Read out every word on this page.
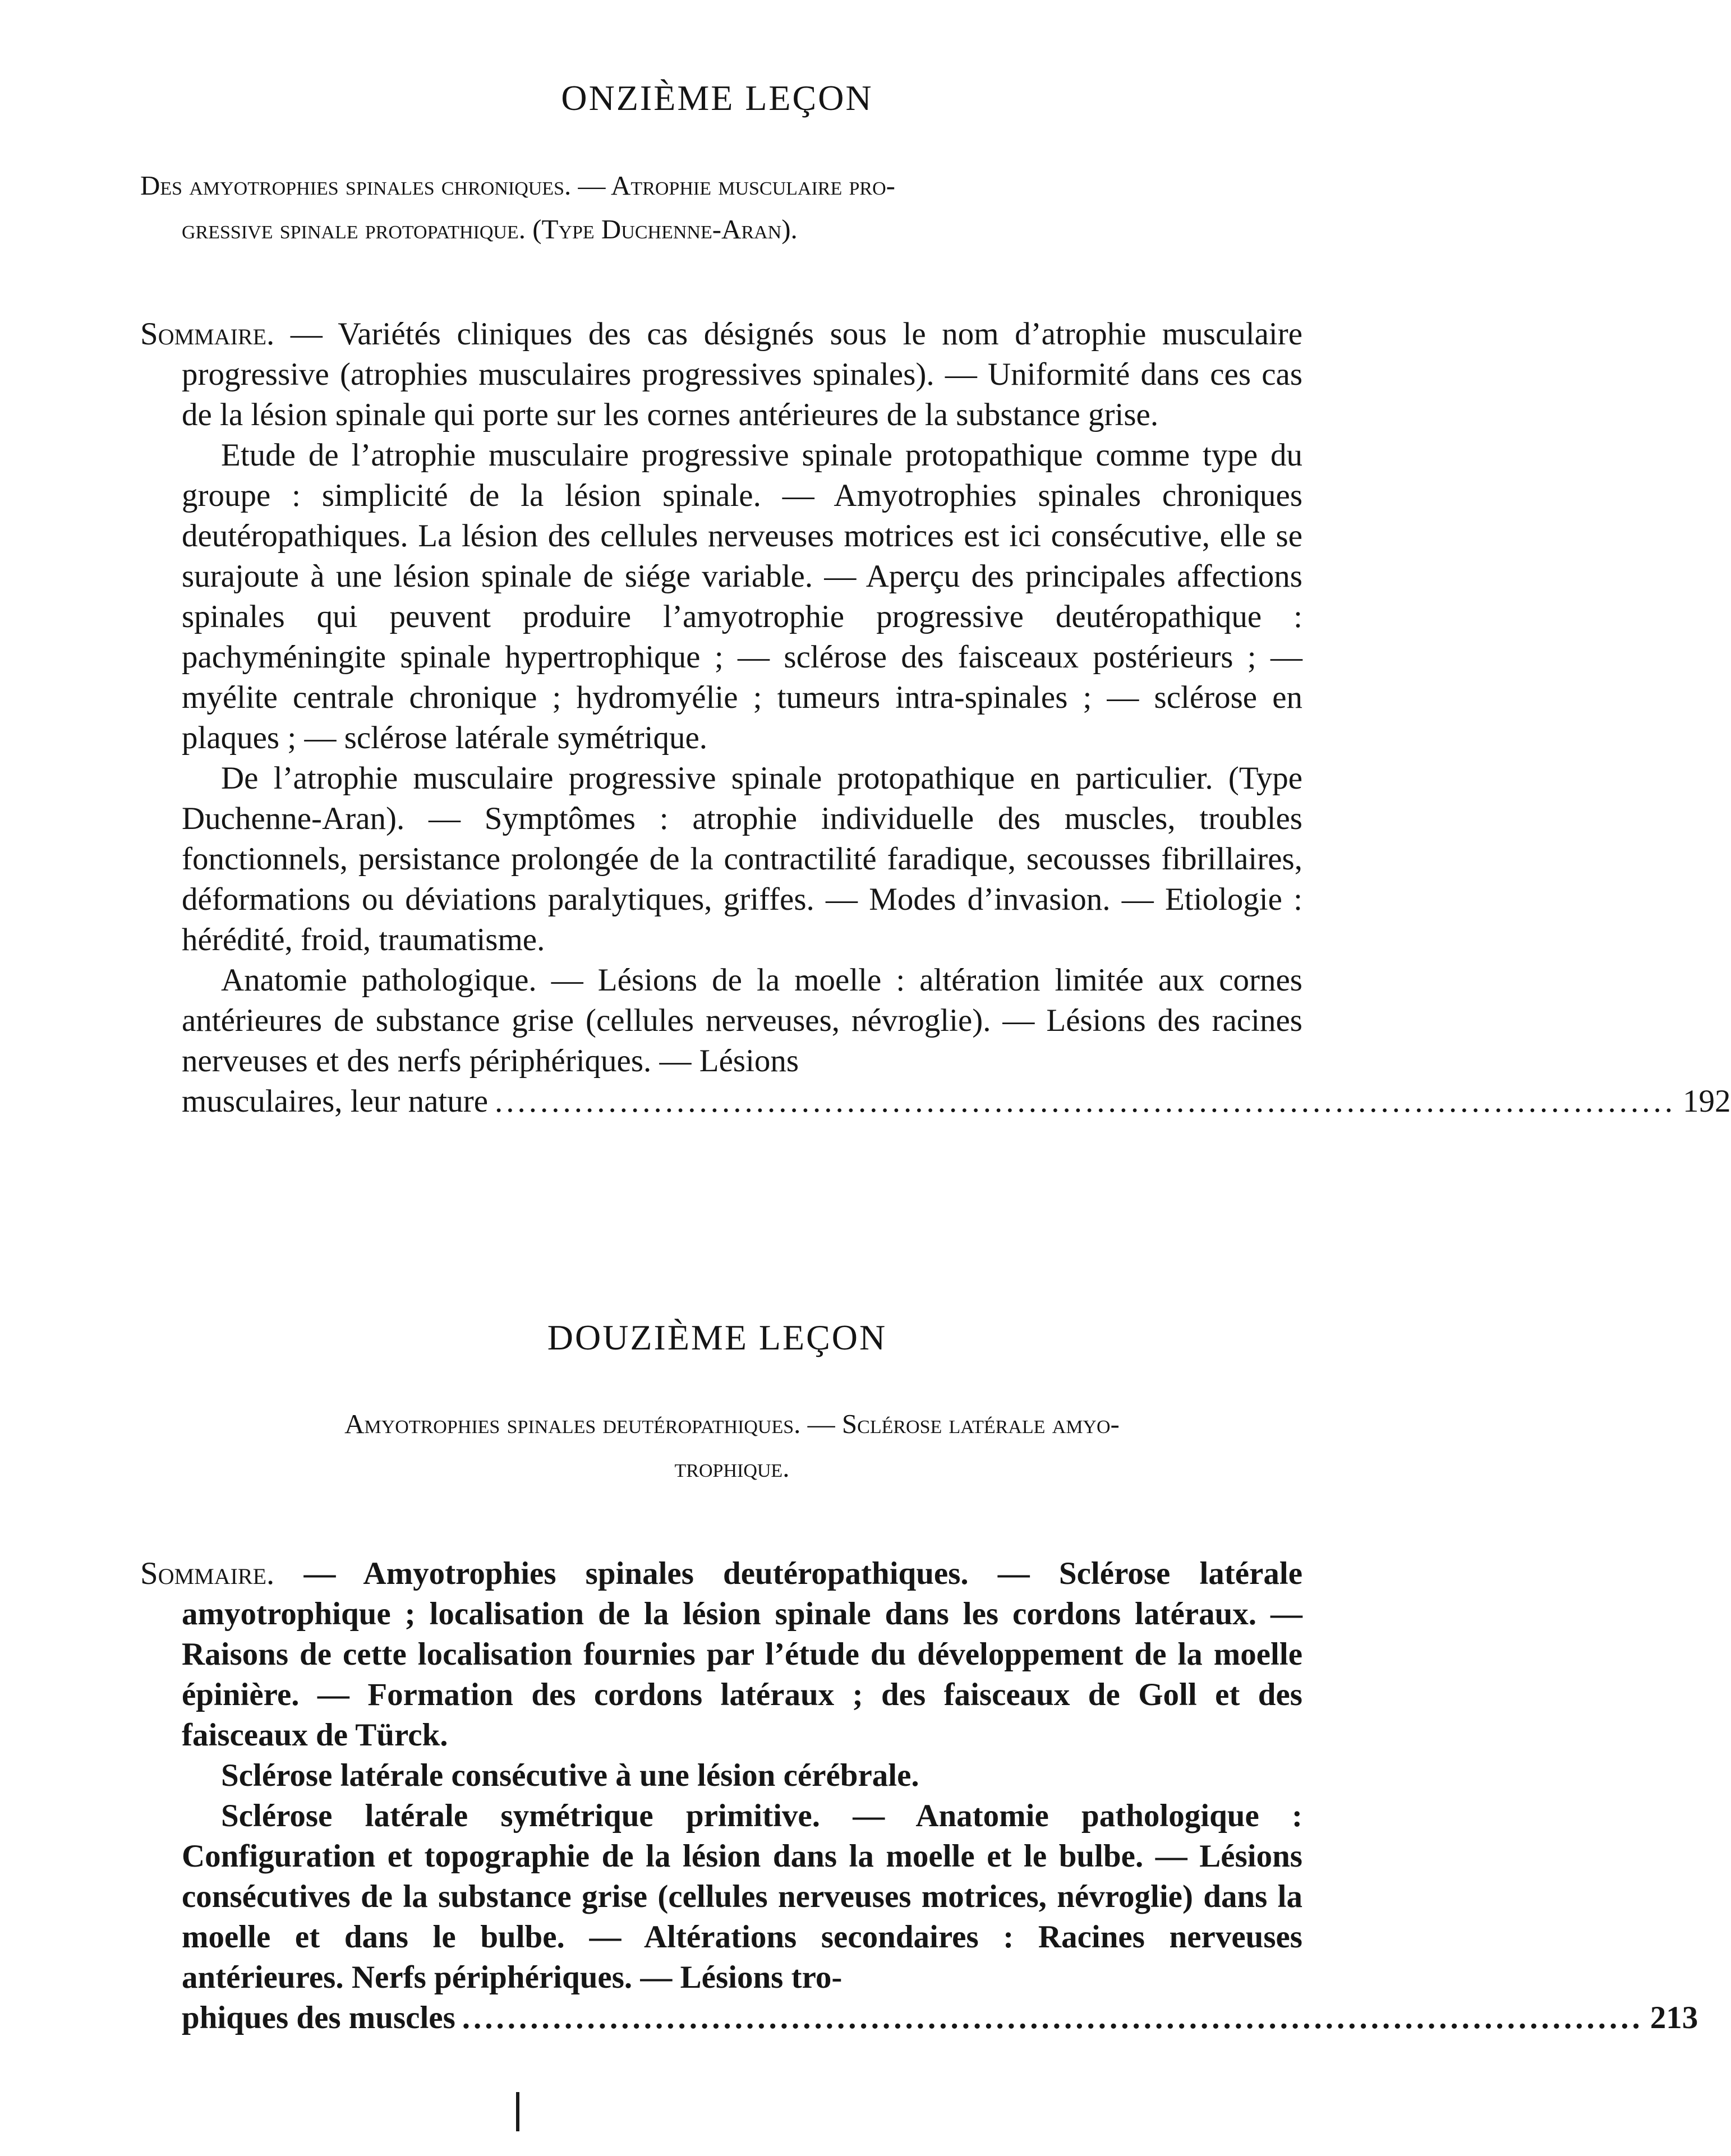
ONZIÈME LEÇON
Des amyotrophies spinales chroniques. — Atrophie musculaire pro-
gressive spinale protopathique. (Type Duchenne-Aran).

Sommaire. — Variétés cliniques des cas désignés sous le nom d’atrophie musculaire progressive (atrophies musculaires progressives spinales). — Uniformité dans ces cas de la lésion spinale qui porte sur les cornes antérieures de la substance grise.

Etude de l’atrophie musculaire progressive spinale protopathique comme type du groupe : simplicité de la lésion spinale. — Amyotrophies spinales chroniques deutéropathiques. La lésion des cellules nerveuses motrices est ici consécutive, elle se surajoute à une lésion spinale de siége variable. — Aperçu des principales affections spinales qui peuvent produire l’amyotrophie progressive deutéropathique : pachyméningite spinale hypertrophique ; — sclérose des faisceaux postérieurs ; — myélite centrale chronique ; hydromyélie ; tumeurs intra-spinales ; — sclérose en plaques ; — sclérose latérale symétrique.

De l’atrophie musculaire progressive spinale protopathique en particulier. (Type Duchenne-Aran). — Symptômes : atrophie individuelle des muscles, troubles fonctionnels, persistance prolongée de la contractilité faradique, secousses fibrillaires, déformations ou déviations paralytiques, griffes. — Modes d’invasion. — Etiologie : hérédité, froid, traumatisme.

Anatomie pathologique. — Lésions de la moelle : altération limitée aux cornes antérieures de substance grise (cellules nerveuses, névroglie). — Lésions des racines nerveuses et des nerfs périphériques. — Lésions

musculaires, leur nature ........................................................................................................ 192
DOUZIÈME LEÇON
Amyotrophies spinales deutéropathiques. — Sclérose latérale amyo-
trophique.

Sommaire. — Amyotrophies spinales deutéropathiques. — Sclérose latérale amyotrophique ; localisation de la lésion spinale dans les cordons latéraux. — Raisons de cette localisation fournies par l’étude du développement de la moelle épinière. — Formation des cordons latéraux ; des faisceaux de Goll et des faisceaux de Türck.

Sclérose latérale consécutive à une lésion cérébrale.

Sclérose latérale symétrique primitive. — Anatomie pathologique : Configuration et topographie de la lésion dans la moelle et le bulbe. — Lésions consécutives de la substance grise (cellules nerveuses motrices, névroglie) dans la moelle et dans le bulbe. — Altérations secondaires : Racines nerveuses antérieures. Nerfs périphériques. — Lésions tro-

phiques des muscles ........................................................................................................ 213
